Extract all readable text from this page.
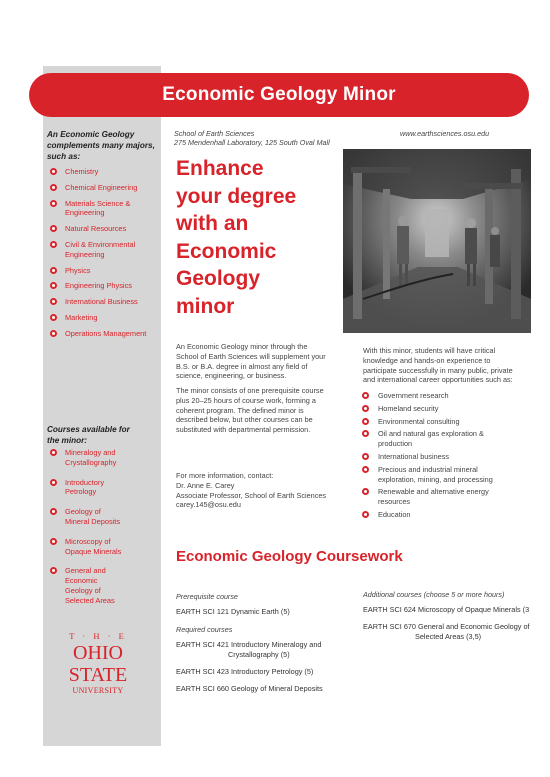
Economic Geology Minor
An Economic Geology
complements many majors,
such as:
Chemistry
Chemical Engineering
Materials Science &
Engineering
Natural Resources
Civil & Environmental
Engineering
Physics
Engineering Physics
International Business
Marketing
Operations Management
Courses available for
the minor:
Mineralogy and
Crystallography
Introductory
Petrology
Geology of
Mineral Deposits
Microscopy of
Opaque Minerals
General and
Economic
Geology of
Selected Areas
T · H · E
OHIO
STATE
UNIVERSITY
School of Earth Sciences
275 Mendenhall Laboratory, 125 South Oval Mall
www.earthsciences.osu.edu
Enhance
your degree
with an
Economic
Geology
minor
An Economic Geology minor through the
School of Earth Sciences will supplement your
B.S. or B.A. degree in almost any field of
science, engineering, or business.
The minor consists of one prerequisite course
plus 20–25 hours of course work, forming a
coherent program. The defined minor is
described below, but other courses can be
substituted with departmental permission.
For more information, contact:
Dr. Anne E. Carey
Associate Professor, School of Earth Sciences
carey.145@osu.edu
With this minor, students will have critical
knowledge and hands-on experience to
participate successfully in many public, private
and international career opportunities such as:
Government research
Homeland security
Environmental consulting
Oil and natural gas exploration &
production
International business
Precious and industrial mineral
exploration, mining, and processing
Renewable and alternative energy
resources
Education
Economic Geology Coursework
Prerequisite course
EARTH SCI 121 Dynamic Earth (5)
Required courses
EARTH SCI 421 Introductory Mineralogy and
Crystallography (5)
EARTH SCI 423 Introductory Petrology (5)
EARTH SCI 660 Geology of Mineral Deposits
Additional courses (choose 5 or more hours)
EARTH SCI 624 Microscopy of Opaque Minerals (3
EARTH SCI 670 General and Economic Geology of
Selected Areas (3,5)
